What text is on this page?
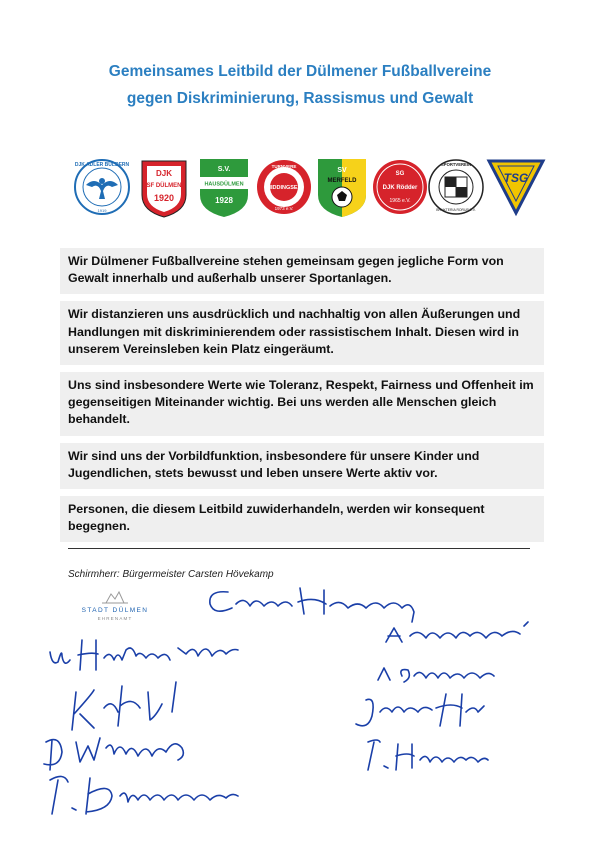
Gemeinsames Leitbild der Dülmener Fußballvereine
gegen Diskriminierung, Rassismus und Gewalt
DJK ADLER BULDERN
1919
DJK
SF DÜLMEN
1920
S.V.
HAUSDÜLMEN
1928
TURNVERE
HIDDINGSEL
1973 e.V.
SV
MERFELD
SG
DJK Rödder
1965 e.V.
SPORTVEREIN
BRUKTERIA RORUP E.V.
TSG
Wir Dülmener Fußballvereine stehen gemeinsam gegen jegliche Form von Gewalt innerhalb und außerhalb unserer Sportanlagen.
Wir distanzieren uns ausdrücklich und nachhaltig von allen Äußerungen und Handlungen mit diskriminierendem oder rassistischem Inhalt. Diesen wird in unserem Vereinsleben kein Platz eingeräumt.
Uns sind insbesondere Werte wie Toleranz, Respekt, Fairness und Offenheit im gegenseitigen Miteinander wichtig. Bei uns werden alle Menschen gleich behandelt.
Wir sind uns der Vorbildfunktion, insbesondere für unsere Kinder und Jugendlichen, stets bewusst und leben unsere Werte aktiv vor.
Personen, die diesem Leitbild zuwiderhandeln, werden wir konsequent begegnen.
Schirmherr: Bürgermeister Carsten Hövekamp
STADT DÜLMEN
EHRENAMT
